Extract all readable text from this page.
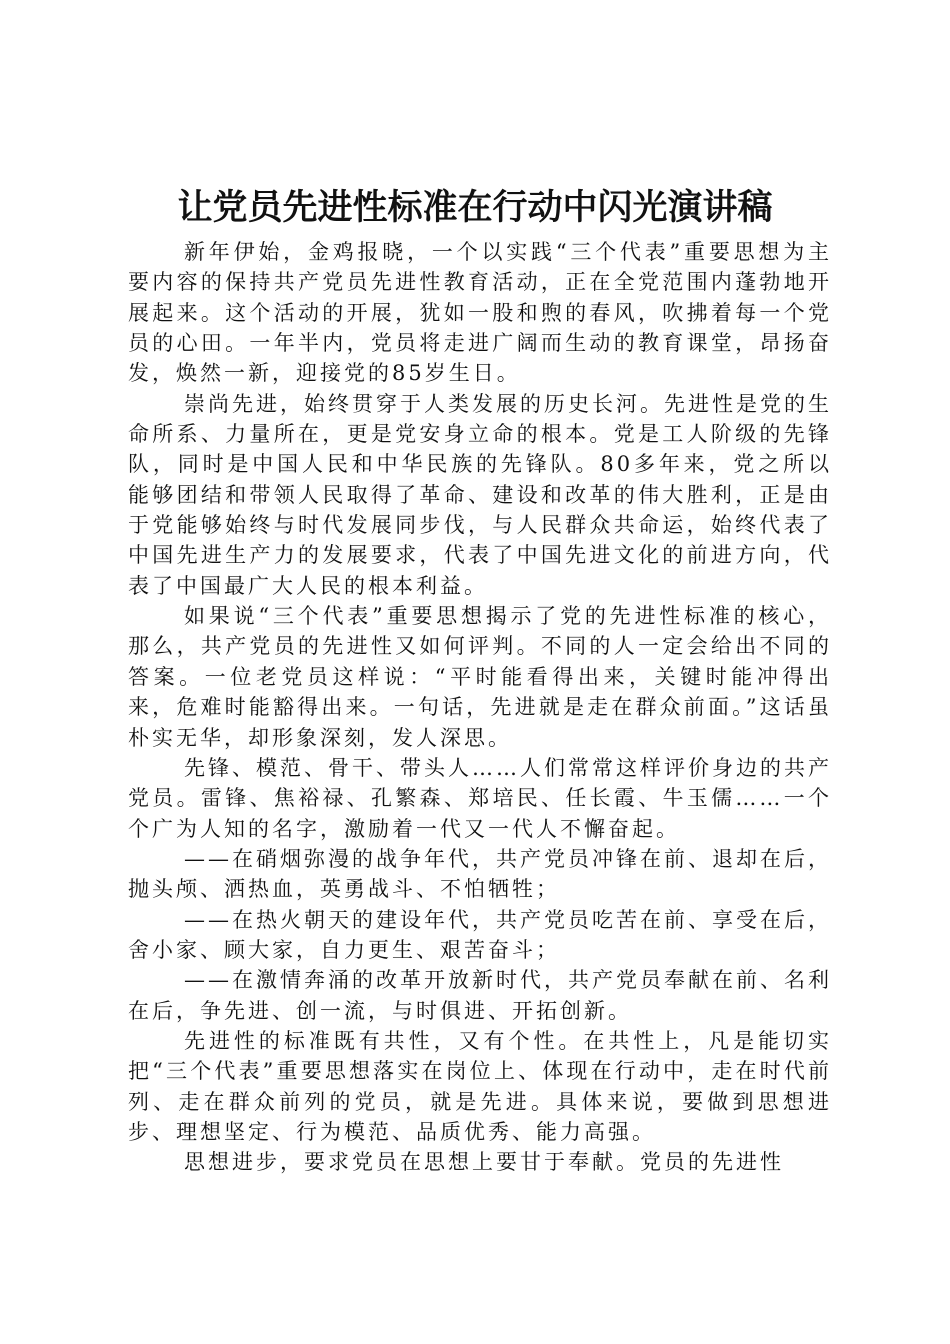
让党员先进性标准在行动中闪光演讲稿

新年伊始，金鸡报晓，一个以实践“三个代表”重要思想为主要内容的保持共产党员先进性教育活动，正在全党范围内蓬勃地开展起来。这个活动的开展，犹如一股和煦的春风，吹拂着每一个党员的心田。一年半内，党员将走进广阔而生动的教育课堂，昂扬奋发，焕然一新，迎接党的85岁生日。

崇尚先进，始终贯穿于人类发展的历史长河。先进性是党的生命所系、力量所在，更是党安身立命的根本。党是工人阶级的先锋队，同时是中国人民和中华民族的先锋队。80多年来，党之所以能够团结和带领人民取得了革命、建设和改革的伟大胜利，正是由于党能够始终与时代发展同步伐，与人民群众共命运，始终代表了中国先进生产力的发展要求，代表了中国先进文化的前进方向，代表了中国最广大人民的根本利益。

如果说“三个代表”重要思想揭示了党的先进性标准的核心，那么，共产党员的先进性又如何评判。不同的人一定会给出不同的答案。一位老党员这样说：“平时能看得出来，关键时能冲得出来，危难时能豁得出来。一句话，先进就是走在群众前面。”这话虽朴实无华，却形象深刻，发人深思。

先锋、模范、骨干、带头人……人们常常这样评价身边的共产党员。雷锋、焦裕禄、孔繁森、郑培民、任长霞、牛玉儒……一个个广为人知的名字，激励着一代又一代人不懈奋起。

——在硝烟弥漫的战争年代，共产党员冲锋在前、退却在后，抛头颅、洒热血，英勇战斗、不怕牺牲；

——在热火朝天的建设年代，共产党员吃苦在前、享受在后，舍小家、顾大家，自力更生、艰苦奋斗；

——在激情奔涌的改革开放新时代，共产党员奉献在前、名利在后，争先进、创一流，与时俱进、开拓创新。

先进性的标准既有共性，又有个性。在共性上，凡是能切实把“三个代表”重要思想落实在岗位上、体现在行动中，走在时代前列、走在群众前列的党员，就是先进。具体来说，要做到思想进步、理想坚定、行为模范、品质优秀、能力高强。

思想进步，要求党员在思想上要甘于奉献。党员的先进性
